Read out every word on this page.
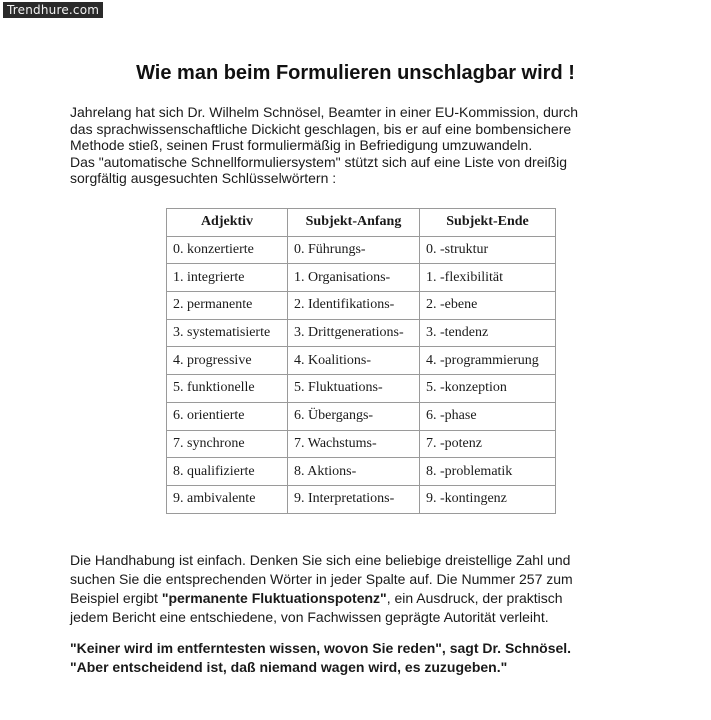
Trendhure.com
Wie man beim Formulieren unschlagbar wird !

Jahrelang hat sich Dr. Wilhelm Schnösel, Beamter in einer EU-Kommission, durch

das sprachwissenschaftliche Dickicht geschlagen, bis er auf eine bombensichere

Methode stieß, seinen Frust formuliermäßig in Befriedigung umzuwandeln.

Das "automatische Schnellformuliersystem" stützt sich auf eine Liste von dreißig

sorgfältig ausgesuchten Schlüsselwörtern :

Adjektiv	Subjekt-Anfang	Subjekt-Ende
0. konzertierte	0. Führungs-	0. -struktur
1. integrierte	1. Organisations-	1. -flexibilität
2. permanente	2. Identifikations-	2. -ebene
3. systematisierte	3. Drittgenerations-	3. -tendenz
4. progressive	4. Koalitions-	4. -programmierung
5. funktionelle	5. Fluktuations-	5. -konzeption
6. orientierte	6. Übergangs-	6. -phase
7. synchrone	7. Wachstums-	7. -potenz
8. qualifizierte	8. Aktions-	8. -problematik
9. ambivalente	9. Interpretations-	9. -kontingenz

Die Handhabung ist einfach. Denken Sie sich eine beliebige dreistellige Zahl und

suchen Sie die entsprechenden Wörter in jeder Spalte auf. Die Nummer 257 zum

Beispiel ergibt "permanente Fluktuationspotenz", ein Ausdruck, der praktisch

jedem Bericht eine entschiedene, von Fachwissen geprägte Autorität verleiht.

"Keiner wird im entferntesten wissen, wovon Sie reden", sagt Dr. Schnösel.

"Aber entscheidend ist, daß niemand wagen wird, es zuzugeben."
